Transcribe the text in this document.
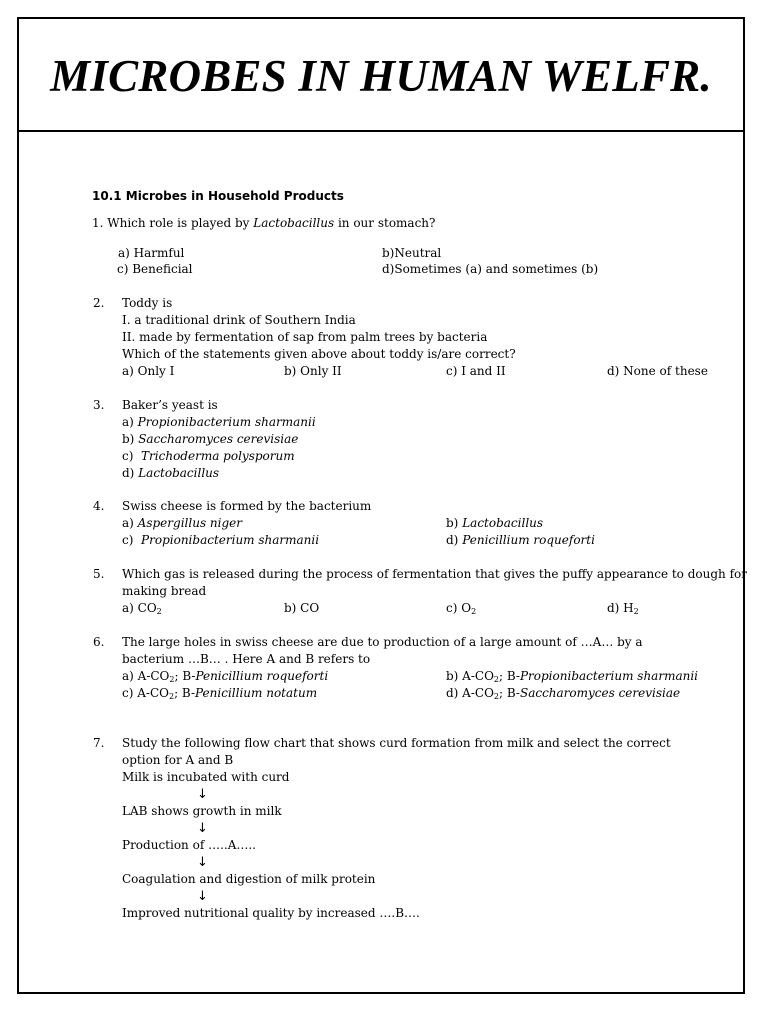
MICROBES IN HUMAN WELFR.
10.1 Microbes in Household Products
1. Which role is played by Lactobacillus in our stomach?
a) Harmful	b)Neutral
c) Beneficial	d)Sometimes (a) and sometimes (b)
2. Toddy is
I. a traditional drink of Southern India
II. made by fermentation of sap from palm trees by bacteria
Which of the statements given above about toddy is/are correct?
a) Only I	b) Only II	c) I and II	d) None of these
3. Baker’s yeast is
a) Propionibacterium sharmanii
b) Saccharomyces cerevisiae
c) Trichoderma polysporum
d) Lactobacillus
4. Swiss cheese is formed by the bacterium
a) Aspergillus niger	b) Lactobacillus
c) Propionibacterium sharmanii	d) Penicillium roqueforti
5. Which gas is released during the process of fermentation that gives the puffy appearance to dough for
making bread
a) $CO_2$	b) CO	c) $O_2$	d) $H_2$
6. The large holes in swiss cheese are due to production of a large amount of …A… by a
bacterium …B… . Here A and B refers to
a) $A-CO_2$; B-Penicillium roqueforti	b) $A-CO_2$; B-Propionibacterium sharmanii
c) $A-CO_2$; B-Penicillium notatum	d) $A-CO_2$; B-Saccharomyces cerevisiae
7. Study the following flow chart that shows curd formation from milk and select the correct
option for A and B
Milk is incubated with curd
↓
LAB shows growth in milk
↓
Production of …..A…..
↓
Coagulation and digestion of milk protein
↓
Improved nutritional quality by increased ….B….
